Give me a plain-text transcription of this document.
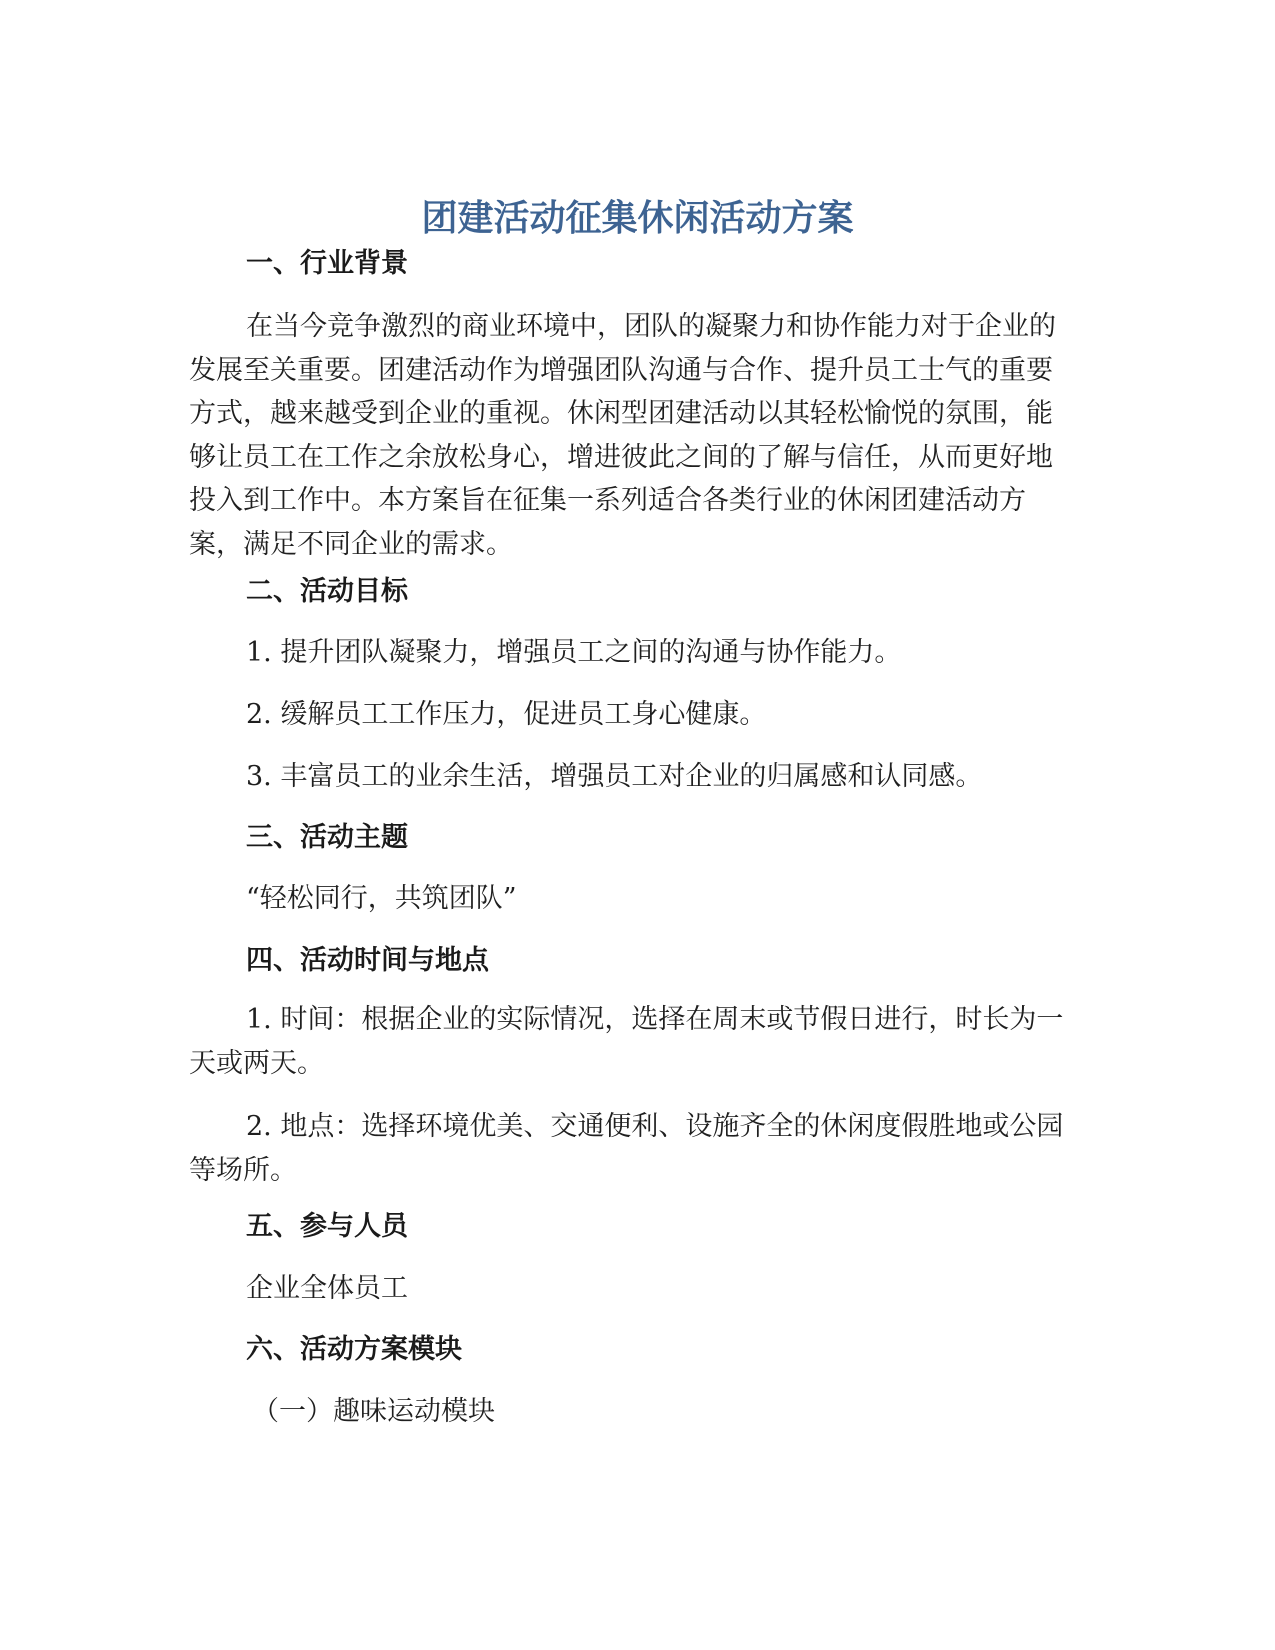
团建活动征集休闲活动方案
一、行业背景
在当今竞争激烈的商业环境中，团队的凝聚力和协作能力对于企业的发展至关重要。团建活动作为增强团队沟通与合作、提升员工士气的重要方式，越来越受到企业的重视。休闲型团建活动以其轻松愉悦的氛围，能够让员工在工作之余放松身心，增进彼此之间的了解与信任，从而更好地投入到工作中。本方案旨在征集一系列适合各类行业的休闲团建活动方案，满足不同企业的需求。
二、活动目标
1. 提升团队凝聚力，增强员工之间的沟通与协作能力。
2. 缓解员工工作压力，促进员工身心健康。
3. 丰富员工的业余生活，增强员工对企业的归属感和认同感。
三、活动主题
“轻松同行，共筑团队”
四、活动时间与地点
1. 时间：根据企业的实际情况，选择在周末或节假日进行，时长为一天或两天。
2. 地点：选择环境优美、交通便利、设施齐全的休闲度假胜地或公园等场所。
五、参与人员
企业全体员工
六、活动方案模块
（一）趣味运动模块
